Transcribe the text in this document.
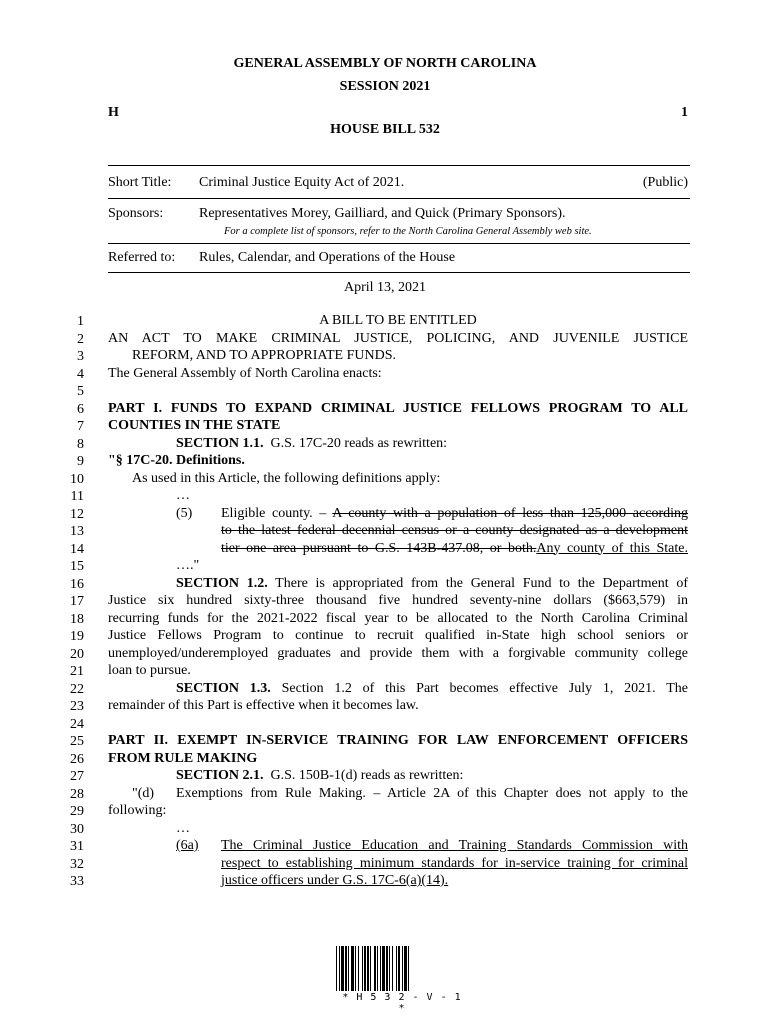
GENERAL ASSEMBLY OF NORTH CAROLINA
SESSION 2021
H	1
HOUSE BILL 532
Short Title: Criminal Justice Equity Act of 2021.	(Public)
Sponsors:	Representatives Morey, Gailliard, and Quick (Primary Sponsors).
For a complete list of sponsors, refer to the North Carolina General Assembly web site.
Referred to: Rules, Calendar, and Operations of the House
April 13, 2021
1
2
3
4
5
6
7
8
9
10
11
12
13
14
15
16
17
18
19
20
21
22
23
24
25
26
27
28
29
30
31
32
33
A BILL TO BE ENTITLED
AN ACT TO MAKE CRIMINAL JUSTICE, POLICING, AND JUVENILE JUSTICE
REFORM, AND TO APPROPRIATE FUNDS.
The General Assembly of North Carolina enacts:
PART I. FUNDS TO EXPAND CRIMINAL JUSTICE FELLOWS PROGRAM TO ALL
COUNTIES IN THE STATE
SECTION 1.1. G.S. 17C-20 reads as rewritten:
"§ 17C-20. Definitions.
As used in this Article, the following definitions apply:
…
(5)	Eligible county. – A county with a population of less than 125,000 according
to the latest federal decennial census or a county designated as a development
tier one area pursuant to G.S. 143B-437.08, or both.Any county of this State.
…."
SECTION 1.2. There is appropriated from the General Fund to the Department of
Justice six hundred sixty-three thousand five hundred seventy-nine dollars ($663,579) in
recurring funds for the 2021-2022 fiscal year to be allocated to the North Carolina Criminal
Justice Fellows Program to continue to recruit qualified in-State high school seniors or
unemployed/underemployed graduates and provide them with a forgivable community college
loan to pursue.
SECTION 1.3. Section 1.2 of this Part becomes effective July 1, 2021. The
remainder of this Part is effective when it becomes law.
PART II. EXEMPT IN-SERVICE TRAINING FOR LAW ENFORCEMENT OFFICERS
FROM RULE MAKING
SECTION 2.1. G.S. 150B-1(d) reads as rewritten:
"(d)	Exemptions from Rule Making. – Article 2A of this Chapter does not apply to the
following:
…
(6a)	The Criminal Justice Education and Training Standards Commission with
respect to establishing minimum standards for in-service training for criminal
justice officers under G.S. 17C-6(a)(14).
* H 5 3 2 - V - 1 *
